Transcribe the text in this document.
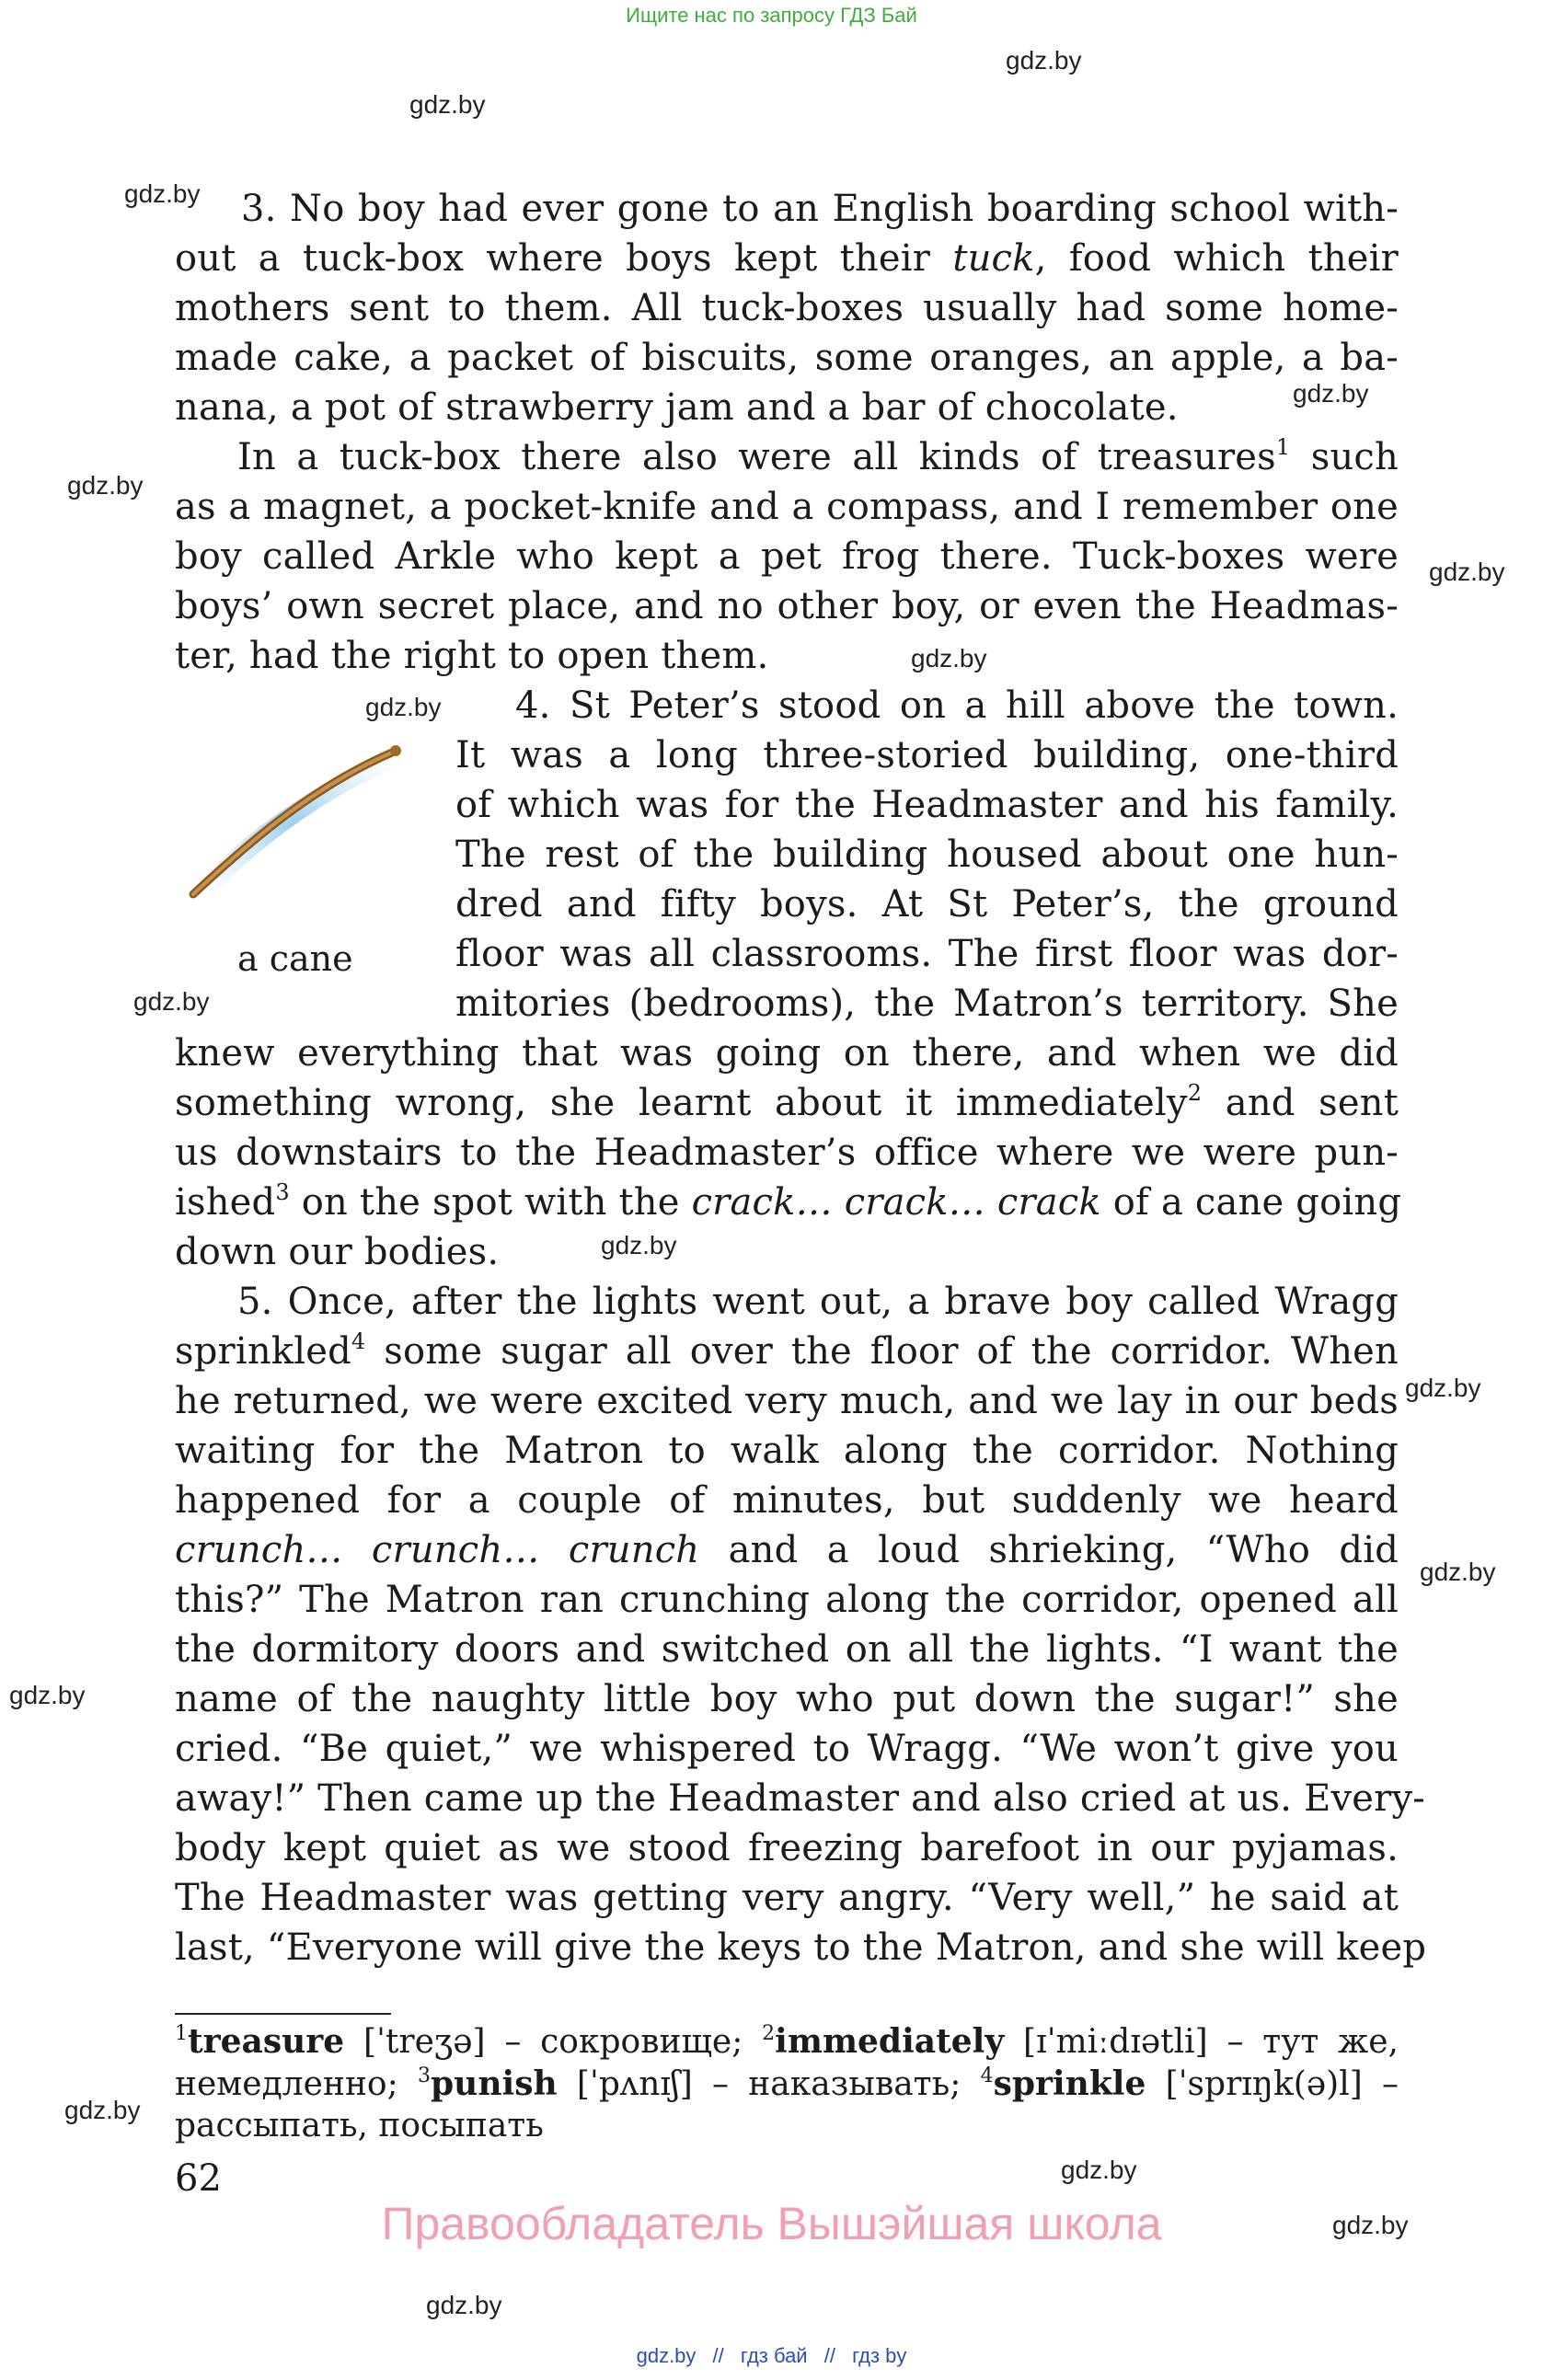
Ищите нас по запросу ГДЗ Бай
gdz.by
gdz.by
gdz.by
gdz.by
gdz.by
gdz.by
gdz.by
gdz.by
gdz.by
gdz.by
gdz.by
gdz.by
gdz.by
gdz.by
gdz.by
gdz.by
gdz.by
3. No boy had ever gone to an English boarding school with-
out a tuck-box where boys kept their tuck, food which their
mothers sent to them. All tuck-boxes usually had some home-
made cake, a packet of biscuits, some oranges, an apple, a ba-
nana, a pot of strawberry jam and a bar of chocolate.
In a tuck-box there also were all kinds of treasures$^1$ such
as a magnet, a pocket-knife and a compass, and I remember one
boy called Arkle who kept a pet frog there. Tuck-boxes were
boys’ own secret place, and no other boy, or even the Headmas-
ter, had the right to open them.
a cane
4. St Peter’s stood on a hill above the town.
It was a long three-storied building, one-third
of which was for the Headmaster and his family.
The rest of the building housed about one hun-
dred and fifty boys. At St Peter’s, the ground
floor was all classrooms. The first floor was dor-
mitories (bedrooms), the Matron’s territory. She
knew everything that was going on there, and when we did
something wrong, she learnt about it immediately$^2$ and sent
us downstairs to the Headmaster’s office where we were pun-
ished$^3$ on the spot with the crack… crack… crack of a cane going
down our bodies.
5. Once, after the lights went out, a brave boy called Wragg
sprinkled$^4$ some sugar all over the floor of the corridor. When
he returned, we were excited very much, and we lay in our beds
waiting for the Matron to walk along the corridor. Nothing
happened for a couple of minutes, but suddenly we heard
crunch… crunch… crunch and a loud shrieking, “Who did
this?” The Matron ran crunching along the corridor, opened all
the dormitory doors and switched on all the lights. “I want the
name of the naughty little boy who put down the sugar!” she
cried. “Be quiet,” we whispered to Wragg. “We won’t give you
away!” Then came up the Headmaster and also cried at us. Every-
body kept quiet as we stood freezing barefoot in our pyjamas.
The Headmaster was getting very angry. “Very well,” he said at
last, “Everyone will give the keys to the Matron, and she will keep
$^1$treasure [ˈtreʒə] – сокровище; $^2$immediately [ɪˈmiːdɪətli] – тут же,
немедленно; $^3$punish [ˈpʌnɪʃ] – наказывать; $^4$sprinkle [ˈsprɪŋk(ə)l] –
рассыпать, посыпать
62
Правообладатель Вышэйшая школа
gdz.by // гдз бай // гдз by
